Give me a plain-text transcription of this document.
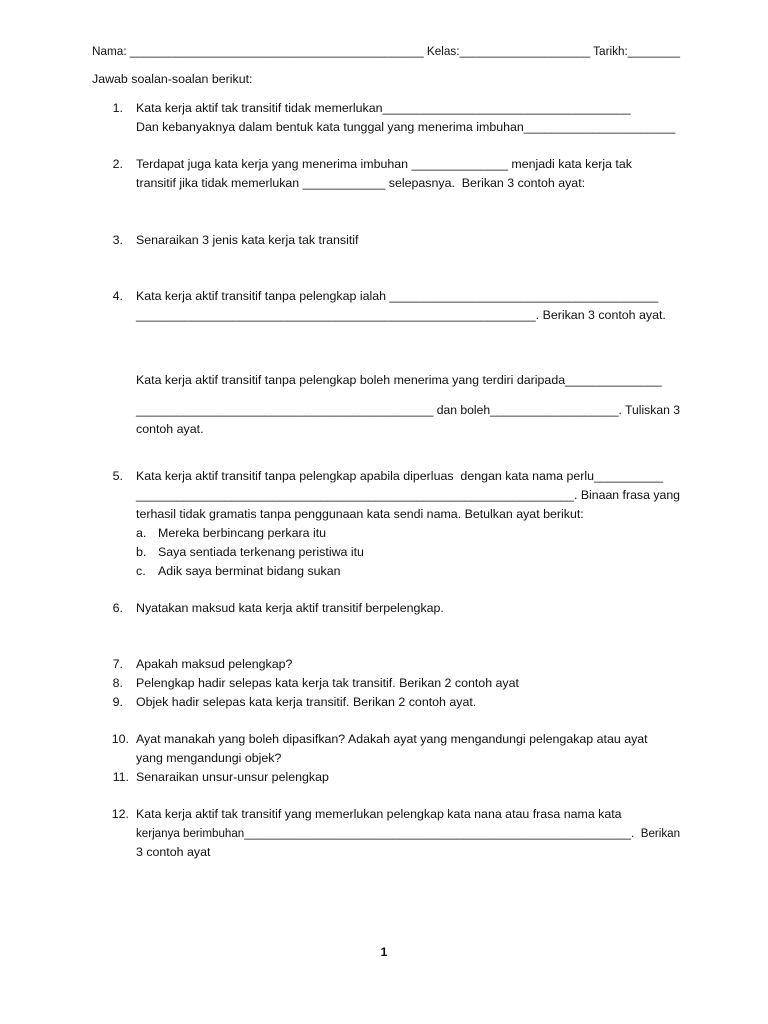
Nama: _____________________________________________ Kelas:____________________ Tarikh:________
Jawab soalan-soalan berikut:
1. Kata kerja aktif tak transitif tidak memerlukan____________________________________
Dan kebanyaknya dalam bentuk kata tunggal yang menerima imbuhan______________________
2. Terdapat juga kata kerja yang menerima imbuhan ______________ menjadi kata kerja tak
transitif jika tidak memerlukan ____________ selepasnya.  Berikan 3 contoh ayat:
3. Senaraikan 3 jenis kata kerja tak transitif
4. Kata kerja aktif transitif tanpa pelengkap ialah _______________________________________
__________________________________________________________. Berikan 3 contoh ayat.
Kata kerja aktif transitif tanpa pelengkap boleh menerima yang terdiri daripada______________
____________________________________________ dan boleh___________________. Tuliskan 3
contoh ayat.
5. Kata kerja aktif transitif tanpa pelengkap apabila diperluas  dengan kata nama perlu__________
________________________________________________________________. Binaan frasa yang
terhasil tidak gramatis tanpa penggunaan kata sendi nama. Betulkan ayat berikut:
a. Mereka berbincang perkara itu
b. Saya sentiada terkenang peristiwa itu
c. Adik saya berminat bidang sukan
6. Nyatakan maksud kata kerja aktif transitif berpelengkap.
7. Apakah maksud pelengkap?
8. Pelengkap hadir selepas kata kerja tak transitif. Berikan 2 contoh ayat
9. Objek hadir selepas kata kerja transitif. Berikan 2 contoh ayat.
10. Ayat manakah yang boleh dipasifkan? Adakah ayat yang mengandungi pelengakap atau ayat
yang mengandungi objek?
11. Senaraikan unsur-unsur pelengkap
12. Kata kerja aktif tak transitif yang memerlukan pelengkap kata nana atau frasa nama kata
kerjanya berimbuhan____________________________________________________________.  Berikan
3 contoh ayat
1
